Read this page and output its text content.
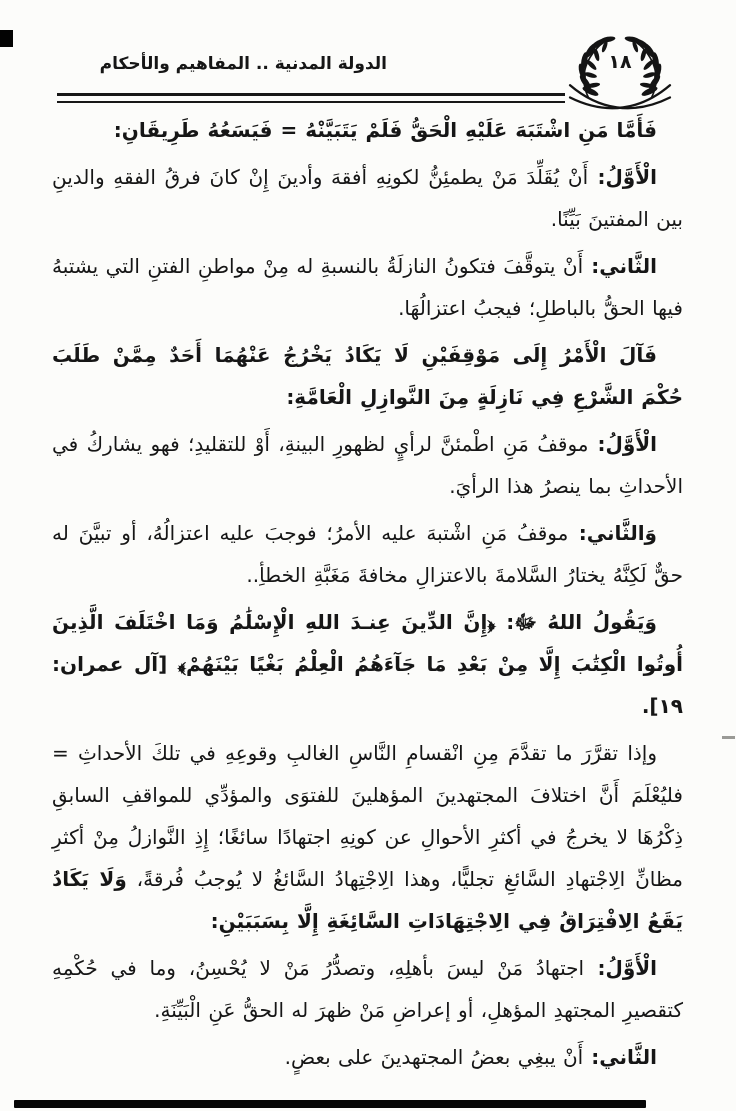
الدولة المدنية .. المفاهيم والأحكام	١٨

فَأَمَّا مَنِ اشْتَبَهَ عَلَيْهِ الْحَقُّ فَلَمْ يَتَبَيَّنْهُ = فَيَسَعُهُ طَرِيقَانِ:

الْأَوَّلُ: أَنْ يُقَلِّدَ مَنْ يطمئِنُّ لكونِهِ أفقهَ وأدينَ إِنْ كانَ فرقُ الفقهِ والدينِ بين المفتينَ بَيِّنًا.

الثَّاني: أَنْ يتوقَّفَ فتكونُ النازلَةُ بالنسبةِ له مِنْ مواطنِ الفتنِ التي يشتبهُ فيها الحقُّ بالباطلِ؛ فيجبُ اعتزالُهَا.

فَآلَ الْأَمْرُ إِلَى مَوْقِفَيْنِ لَا يَكَادُ يَخْرُجُ عَنْهُمَا أَحَدٌ مِمَّنْ طَلَبَ حُكْمَ الشَّرْعِ فِي نَازِلَةٍ مِنَ النَّوازِلِ الْعَامَّةِ:

الْأَوَّلُ: موقفُ مَنِ اطْمئنَّ لرأيٍ لظهورِ البينةِ، أَوْ للتقليدِ؛ فهو يشاركُ في الأحداثِ بما ينصرُ هذا الرأيَ.

وَالثَّاني: موقفُ مَنِ اشْتبهَ عليه الأمرُ؛ فوجبَ عليه اعتزالُهُ، أو تبيَّنَ له حقٌّ لَكِنَّهُ يختارُ السَّلامةَ بالاعتزالِ مخافةَ مَغَبَّةِ الخطأِ..

وَيَقُولُ اللهُ ﷻ: ﴿إِنَّ الدِّينَ عِنـدَ اللهِ الْإِسْلَٰمُ وَمَا اخْتَلَفَ الَّذِينَ أُوتُوا الْكِتَٰبَ إِلَّا مِنْ بَعْدِ مَا جَآءَهُمُ الْعِلْمُ بَغْيًا بَيْنَهُمْ﴾ [آل عمران: ١٩].

وإذا تقرَّرَ ما تقدَّمَ مِنِ انْقسامِ النَّاسِ الغالبِ وقوعِهِ في تلكَ الأحداثِ = فليُعْلَمَ أَنَّ اختلافَ المجتهدينَ المؤهلينَ للفتوَى والمؤدِّي للمواقفِ السابقِ ذِكْرُهَا لا يخرجُ في أكثرِ الأحوالِ عن كونِهِ اجتهادًا سائغًا؛ إِذِ النَّوازلُ مِنْ أكثرِ مظانِّ الِاجْتهادِ السَّائغِ تجليًّا، وهذا الِاجْتِهادُ السَّائغُ لا يُوجبُ فُرقةً، وَلَا يَكَادُ يَقَعُ الِافْتِرَاقُ فِي الِاجْتِهَادَاتِ السَّائِغَةِ إِلَّا بِسَبَبَيْنِ:

الْأَوَّلُ: اجتهادُ مَنْ ليسَ بأهلِهِ، وتصدُّرُ مَنْ لا يُحْسِنُ، وما في حُكْمِهِ كتقصيرِ المجتهدِ المؤهلِ، أو إعراضِ مَنْ ظهرَ له الحقُّ عَنِ الْبَيِّنَةِ.

الثَّاني: أَنْ يبغِي بعضُ المجتهدينَ على بعضٍ.
